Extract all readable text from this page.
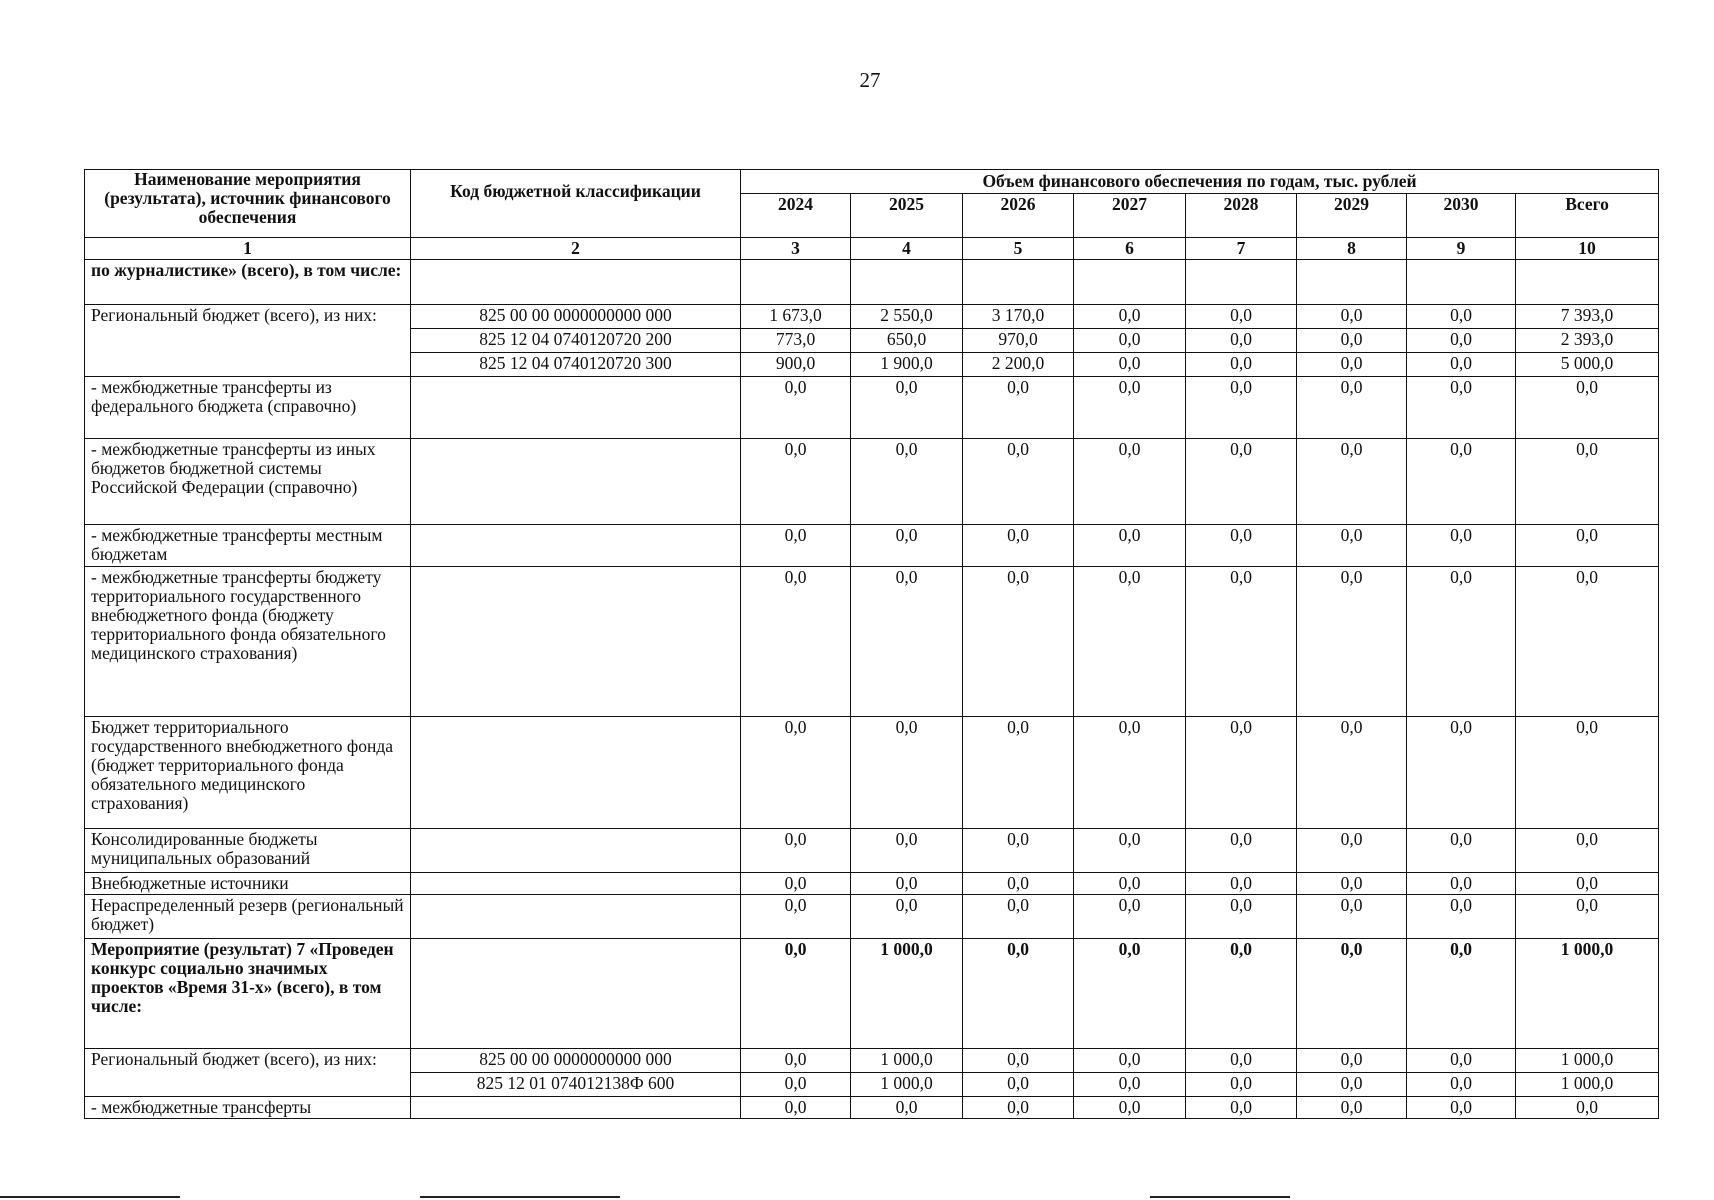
27
Наименование мероприятия (результата), источник финансового обеспечения	Код бюджетной классификации	Объем финансового обеспечения по годам, тыс. рублей							
		2024	2025	2026	2027	2028	2029	2030	Всего
1	2	3	4	5	6	7	8	9	10
по журналистике» (всего), в том числе:									
Региональный бюджет (всего), из них:	825 00 00 0000000000 000	1 673,0	2 550,0	3 170,0	0,0	0,0	0,0	0,0	7 393,0
	825 12 04 0740120720 200	773,0	650,0	970,0	0,0	0,0	0,0	0,0	2 393,0
	825 12 04 0740120720 300	900,0	1 900,0	2 200,0	0,0	0,0	0,0	0,0	5 000,0
- межбюджетные трансферты из федерального бюджета (справочно)		0,0	0,0	0,0	0,0	0,0	0,0	0,0	0,0
- межбюджетные трансферты из иных бюджетов бюджетной системы Российской Федерации (справочно)		0,0	0,0	0,0	0,0	0,0	0,0	0,0	0,0
- межбюджетные трансферты местным бюджетам		0,0	0,0	0,0	0,0	0,0	0,0	0,0	0,0
- межбюджетные трансферты бюджету территориального государственного внебюджетного фонда (бюджету территориального фонда обязательного медицинского страхования)		0,0	0,0	0,0	0,0	0,0	0,0	0,0	0,0
Бюджет территориального государственного внебюджетного фонда (бюджет территориального фонда обязательного медицинского страхования)		0,0	0,0	0,0	0,0	0,0	0,0	0,0	0,0
Консолидированные бюджеты муниципальных образований		0,0	0,0	0,0	0,0	0,0	0,0	0,0	0,0
Внебюджетные источники		0,0	0,0	0,0	0,0	0,0	0,0	0,0	0,0
Нераспределенный резерв (региональный бюджет)		0,0	0,0	0,0	0,0	0,0	0,0	0,0	0,0
Мероприятие (результат) 7 «Проведен конкурс социально значимых проектов «Время 31-х» (всего), в том числе:		0,0	1 000,0	0,0	0,0	0,0	0,0	0,0	1 000,0
Региональный бюджет (всего), из них:	825 00 00 0000000000 000	0,0	1 000,0	0,0	0,0	0,0	0,0	0,0	1 000,0
	825 12 01 074012138Ф 600	0,0	1 000,0	0,0	0,0	0,0	0,0	0,0	1 000,0
- межбюджетные трансферты		0,0	0,0	0,0	0,0	0,0	0,0	0,0	0,0
